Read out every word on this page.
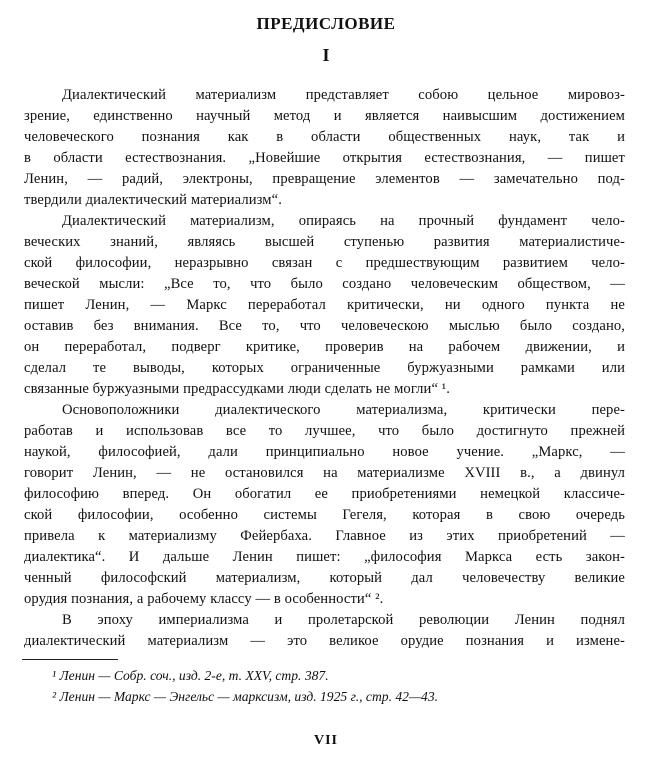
ПРЕДИСЛОВИЕ
I
Диалектический материализм представляет собою цельное мировоз-
зрение, единственно научный метод и является наивысшим достижением
человеческого познания как в области общественных наук, так и
в области естествознания. „Новейшие открытия естествознания, — пишет
Ленин, — радий, электроны, превращение элементов — замечательно под-
твердили диалектический материализм“.
Диалектический материализм, опираясь на прочный фундамент чело-
веческих знаний, являясь высшей ступенью развития материалистиче-
ской философии, неразрывно связан с предшествующим развитием чело-
веческой мысли: „Все то, что было создано человеческим обществом, —
пишет Ленин, — Маркс переработал критически, ни одного пункта не
оставив без внимания. Все то, что человеческою мыслью было создано,
он переработал, подверг критике, проверив на рабочем движении, и
сделал те выводы, которых ограниченные буржуазными рамками или
связанные буржуазными предрассудками люди сделать не могли“ ¹.
Основоположники диалектического материализма, критически пере-
работав и использовав все то лучшее, что было достигнуто прежней
наукой, философией, дали принципиально новое учение. „Маркс, —
говорит Ленин, — не остановился на материализме XVIII в., а двинул
философию вперед. Он обогатил ее приобретениями немецкой классиче-
ской философии, особенно системы Гегеля, которая в свою очередь
привела к материализму Фейербаха. Главное из этих приобретений —
диалектика“. И дальше Ленин пишет: „философия Маркса есть закон-
ченный философский материализм, который дал человечеству великие
орудия познания, а рабочему классу — в особенности“ ².
В эпоху империализма и пролетарской революции Ленин поднял
диалектический материализм — это великое орудие познания и измене-
¹ Ленин — Собр. соч., изд. 2-е, т. XXV, стр. 387.
² Ленин — Маркс — Энгельс — марксизм, изд. 1925 г., стр. 42—43.
VII
